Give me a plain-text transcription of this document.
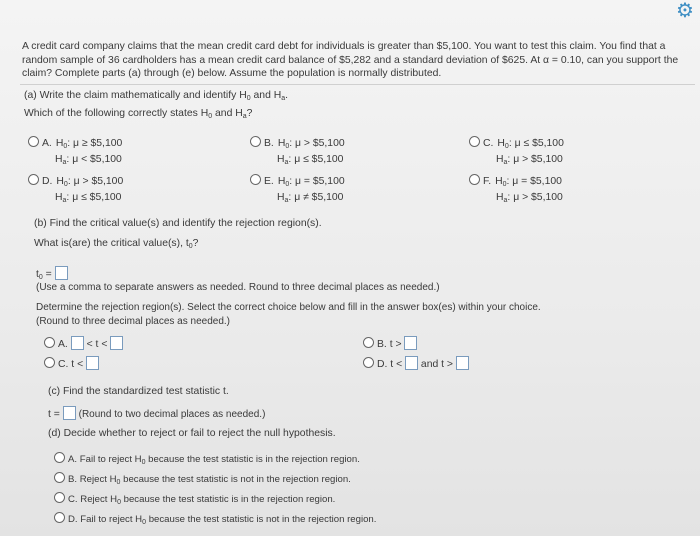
⚙
A credit card company claims that the mean credit card debt for individuals is greater than $5,100. You want to test this claim. You find that a random sample of 36 cardholders has a mean credit card balance of $5,282 and a standard deviation of $625. At α = 0.10, can you support the claim? Complete parts (a) through (e) below. Assume the population is normally distributed.
(a) Write the claim mathematically and identify $H_0$ and $H_a$.
Which of the following correctly states $H_0$ and $H_a$?
A. $H_0$: μ ≥ $5,100
$H_a$: μ < $5,100
B. $H_0$: μ > $5,100
$H_a$: μ ≤ $5,100
C. $H_0$: μ ≤ $5,100
$H_a$: μ > $5,100
D. $H_0$: μ > $5,100
$H_a$: μ ≤ $5,100
E. $H_0$: μ = $5,100
$H_a$: μ ≠ $5,100
F. $H_0$: μ = $5,100
$H_a$: μ > $5,100
(b) Find the critical value(s) and identify the rejection region(s).
What is(are) the critical value(s), $t_0$?
$t_0$ =
(Use a comma to separate answers as needed. Round to three decimal places as needed.)
Determine the rejection region(s). Select the correct choice below and fill in the answer box(es) within your choice.
(Round to three decimal places as needed.)
A.  < t <	B. t >
C. t <	D. t <  and t >
(c) Find the standardized test statistic t.
t =  (Round to two decimal places as needed.)
(d) Decide whether to reject or fail to reject the null hypothesis.
A. Fail to reject $H_0$ because the test statistic is in the rejection region.
B. Reject $H_0$ because the test statistic is not in the rejection region.
C. Reject $H_0$ because the test statistic is in the rejection region.
D. Fail to reject $H_0$ because the test statistic is not in the rejection region.
